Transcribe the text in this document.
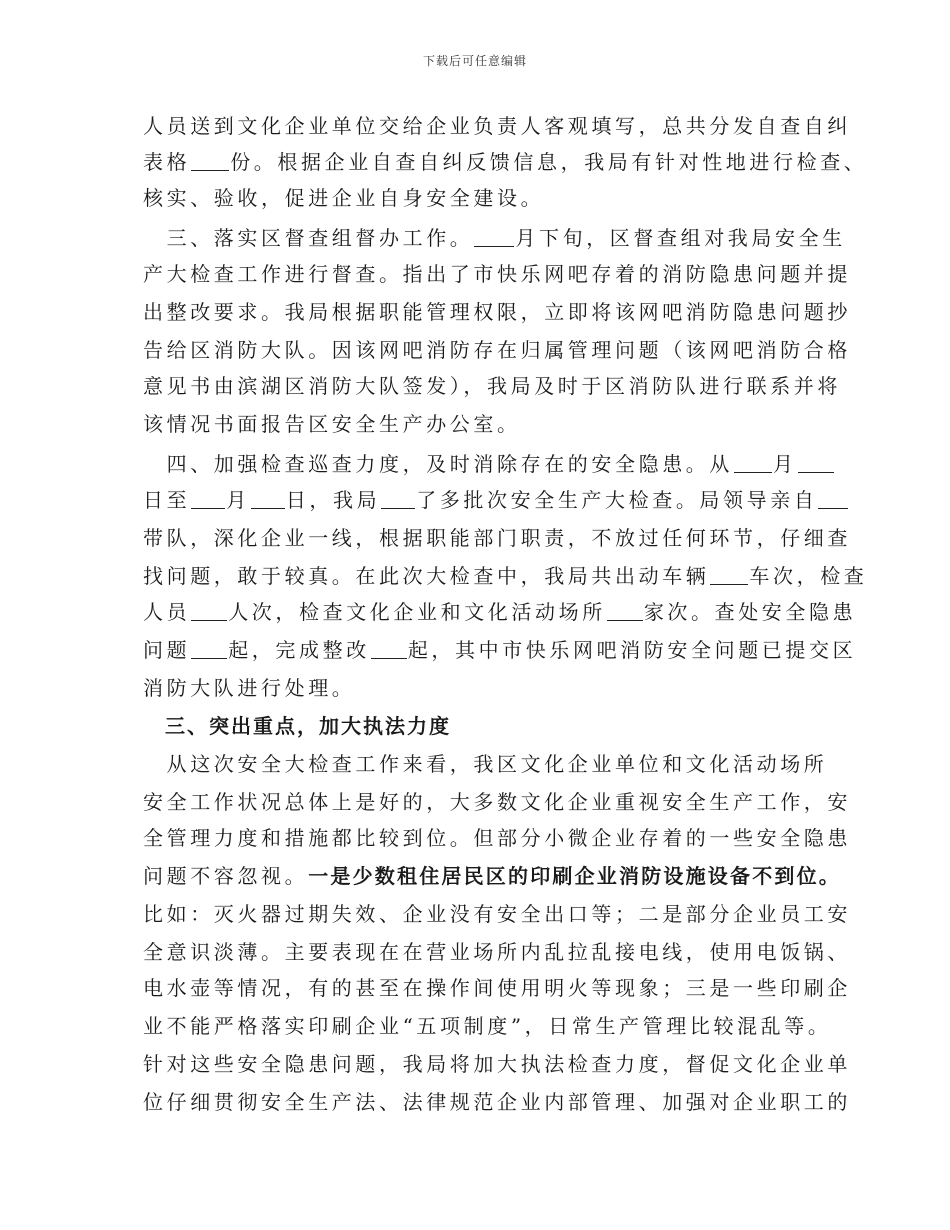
下载后可任意编辑
人员送到文化企业单位交给企业负责人客观填写，总共分发自查自纠
表格 份。根据企业自查自纠反馈信息，我局有针对性地进行检查、
核实、验收，促进企业自身安全建设。
　三、落实区督查组督办工作。 月下旬，区督查组对我局安全生
产大检查工作进行督查。指出了市快乐网吧存着的消防隐患问题并提
出整改要求。我局根据职能管理权限，立即将该网吧消防隐患问题抄
告给区消防大队。因该网吧消防存在归属管理问题（该网吧消防合格
意见书由滨湖区消防大队签发），我局及时于区消防队进行联系并将
该情况书面报告区安全生产办公室。
　四、加强检查巡查力度，及时消除存在的安全隐患。从 月
日至 月 日，我局 了多批次安全生产大检查。局领导亲自
带队，深化企业一线，根据职能部门职责，不放过任何环节，仔细查
找问题，敢于较真。在此次大检查中，我局共出动车辆 车次，检查
人员 人次，检查文化企业和文化活动场所 家次。查处安全隐患
问题 起，完成整改 起，其中市快乐网吧消防安全问题已提交区
消防大队进行处理。
　三、突出重点，加大执法力度
　从这次安全大检查工作来看，我区文化企业单位和文化活动场所
安全工作状况总体上是好的，大多数文化企业重视安全生产工作，安
全管理力度和措施都比较到位。但部分小微企业存着的一些安全隐患
问题不容忽视。一是少数租住居民区的印刷企业消防设施设备不到位。
比如：灭火器过期失效、企业没有安全出口等；二是部分企业员工安
全意识淡薄。主要表现在在营业场所内乱拉乱接电线，使用电饭锅、
电水壶等情况，有的甚至在操作间使用明火等现象；三是一些印刷企
业不能严格落实印刷企业“五项制度”，日常生产管理比较混乱等。
针对这些安全隐患问题，我局将加大执法检查力度，督促文化企业单
位仔细贯彻安全生产法、法律规范企业内部管理、加强对企业职工的
